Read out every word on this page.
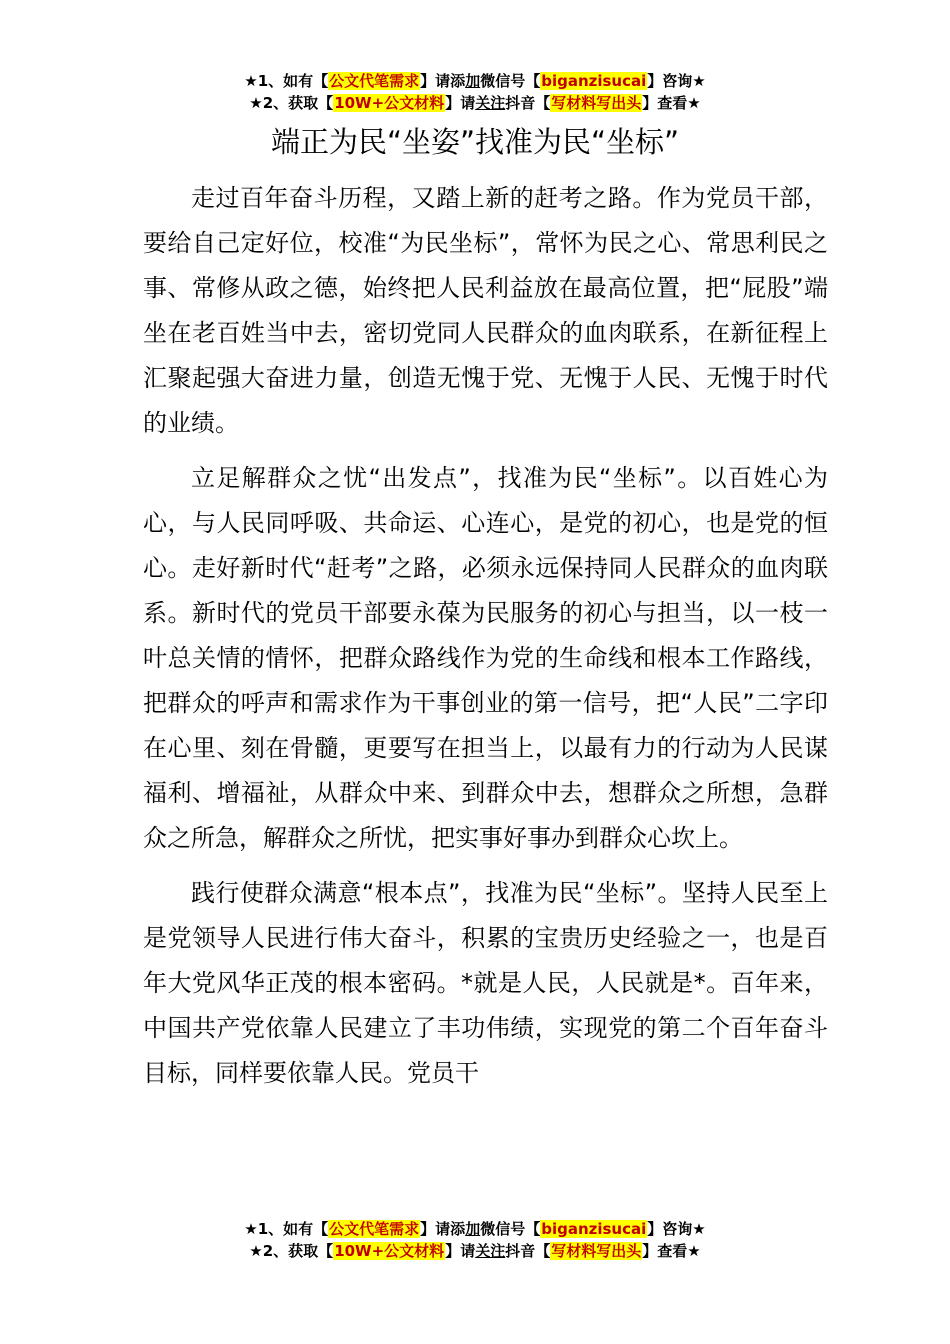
★1、如有【公文代笔需求】请添加微信号【biganzisucai】咨询★
★2、获取【10W+公文材料】请关注抖音【写材料写出头】查看★
端正为民“坐姿”找准为民“坐标”

走过百年奋斗历程，又踏上新的赶考之路。作为党员干部，要给自己定好位，校准“为民坐标”，常怀为民之心、常思利民之事、常修从政之德，始终把人民利益放在最高位置，把“屁股”端坐在老百姓当中去，密切党同人民群众的血肉联系，在新征程上汇聚起强大奋进力量，创造无愧于党、无愧于人民、无愧于时代的业绩。

立足解群众之忧“出发点”，找准为民“坐标”。以百姓心为心，与人民同呼吸、共命运、心连心，是党的初心，也是党的恒心。走好新时代“赶考”之路，必须永远保持同人民群众的血肉联系。新时代的党员干部要永葆为民服务的初心与担当，以一枝一叶总关情的情怀，把群众路线作为党的生命线和根本工作路线，把群众的呼声和需求作为干事创业的第一信号，把“人民”二字印在心里、刻在骨髓，更要写在担当上，以最有力的行动为人民谋福利、增福祉，从群众中来、到群众中去，想群众之所想，急群众之所急，解群众之所忧，把实事好事办到群众心坎上。

践行使群众满意“根本点”，找准为民“坐标”。坚持人民至上是党领导人民进行伟大奋斗，积累的宝贵历史经验之一，也是百年大党风华正茂的根本密码。*就是人民，人民就是*。百年来，中国共产党依靠人民建立了丰功伟绩，实现党的第二个百年奋斗目标，同样要依靠人民。党员干

★1、如有【公文代笔需求】请添加微信号【biganzisucai】咨询★
★2、获取【10W+公文材料】请关注抖音【写材料写出头】查看★
